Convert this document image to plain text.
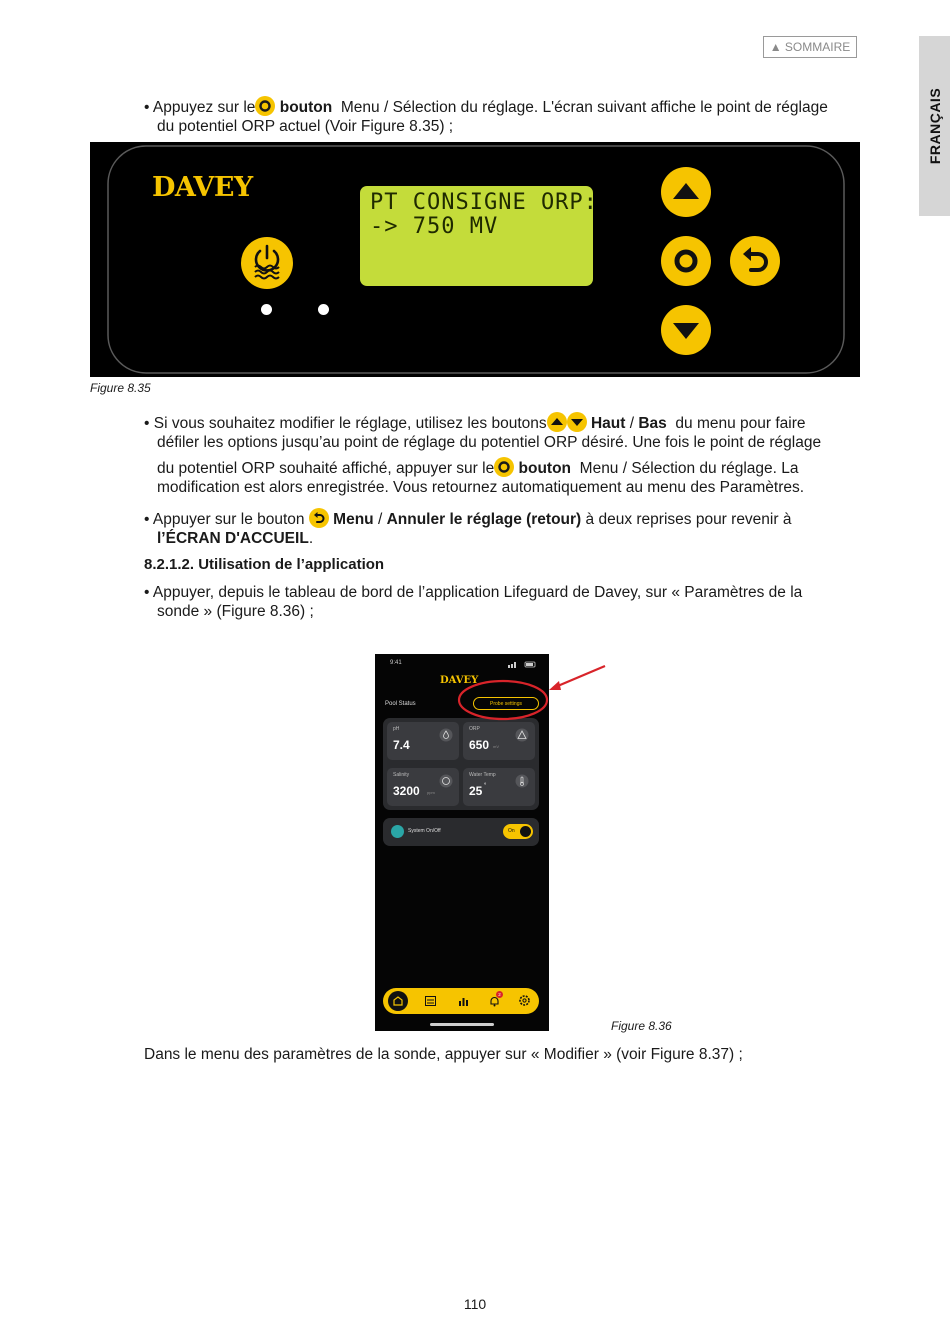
▲ SOMMAIRE
FRANÇAIS
• Appuyez sur le bouton Menu / Sélection du réglage. L'écran suivant affiche le point de réglage
du potentiel ORP actuel (Voir Figure 8.35) ;
DAVEY	PT CONSIGNE ORP:
-> 750 MV
Figure 8.35
• Si vous souhaitez modifier le réglage, utilisez les boutons	Haut / Bas du menu pour faire
défiler les options jusqu’au point de réglage du potentiel ORP désiré. Une fois le point de réglage
du potentiel ORP souhaité affiché, appuyer sur le bouton Menu / Sélection du réglage. La
modification est alors enregistrée. Vous retournez automatiquement au menu des Paramètres.
• Appuyer sur le bouton Menu / Annuler le réglage (retour) à deux reprises pour revenir à
l’ÉCRAN D'ACCUEIL.
8.2.1.2. Utilisation de l’application
• Appuyer, depuis le tableau de bord de l’application Lifeguard de Davey, sur « Paramètres de la
sonde » (Figure 8.36) ;
9:41
DAVEY
Pool Status	Probe settings
pH
7.4
ORP
650 mV
Salinity
3200 ppm
Water Temp
25 °
System On/Off	On
2
Figure 8.36
Dans le menu des paramètres de la sonde, appuyer sur « Modifier » (voir Figure 8.37) ;
110
